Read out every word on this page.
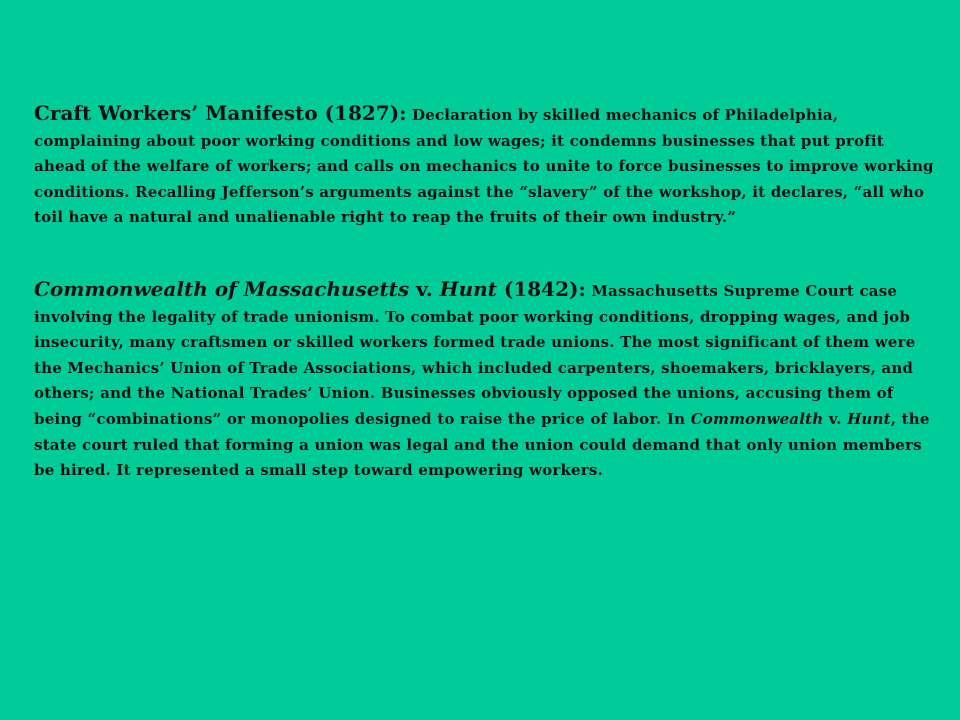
Craft Workers’ Manifesto (1827): Declaration by skilled mechanics of Philadelphia, complaining about poor working conditions and low wages; it condemns businesses that put profit ahead of the welfare of workers; and calls on mechanics to unite to force businesses to improve working conditions. Recalling Jefferson’s arguments against the “slavery” of the workshop, it declares, “all who toil have a natural and unalienable right to reap the fruits of their own industry.”

Commonwealth of Massachusetts v. Hunt (1842): Massachusetts Supreme Court case involving the legality of trade unionism. To combat poor working conditions, dropping wages, and job insecurity, many craftsmen or skilled workers formed trade unions. The most significant of them were the Mechanics’ Union of Trade Associations, which included carpenters, shoemakers, bricklayers, and others; and the National Trades’ Union. Businesses obviously opposed the unions, accusing them of being “combinations” or monopolies designed to raise the price of labor. In Commonwealth v. Hunt, the state court ruled that forming a union was legal and the union could demand that only union members be hired. It represented a small step toward empowering workers.
